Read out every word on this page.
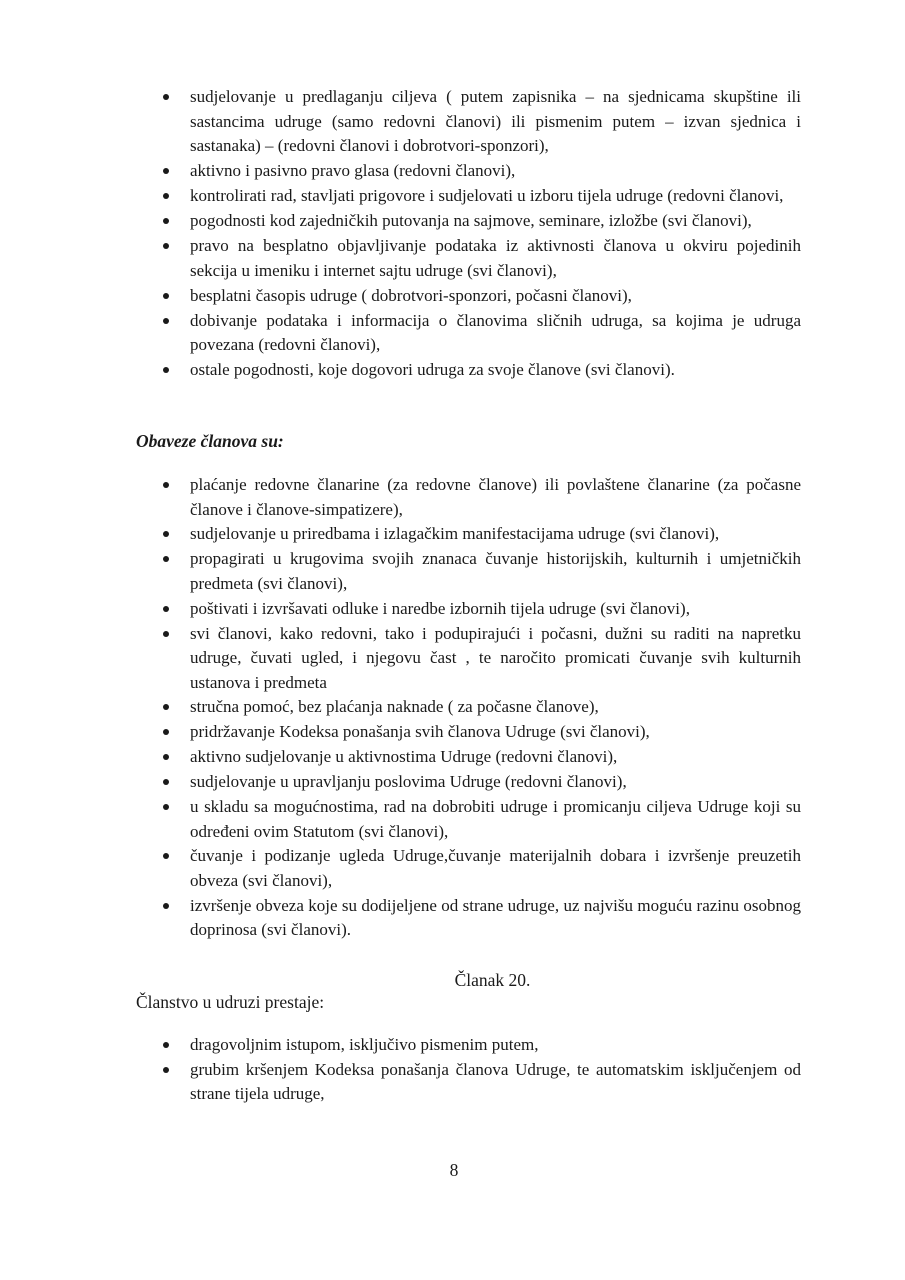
sudjelovanje u predlaganju ciljeva ( putem zapisnika – na sjednicama skupštine ili sastancima udruge (samo redovni članovi) ili pismenim putem – izvan sjednica i sastanaka) – (redovni članovi i dobrotvori-sponzori),
aktivno i pasivno pravo glasa (redovni članovi),
kontrolirati rad, stavljati prigovore i sudjelovati u izboru tijela udruge (redovni članovi,
pogodnosti kod zajedničkih putovanja na sajmove, seminare, izložbe (svi članovi),
pravo na besplatno objavljivanje podataka iz aktivnosti članova u okviru pojedinih sekcija u imeniku i internet sajtu udruge (svi članovi),
besplatni časopis udruge ( dobrotvori-sponzori, počasni članovi),
dobivanje podataka i informacija o članovima sličnih udruga, sa kojima je udruga povezana (redovni članovi),
ostale pogodnosti, koje dogovori udruga za svoje članove (svi članovi).
Obaveze članova su:
plaćanje redovne članarine (za redovne članove) ili povlaštene članarine (za počasne članove i članove-simpatizere),
sudjelovanje u priredbama i izlagačkim manifestacijama udruge (svi članovi),
propagirati u krugovima svojih znanaca čuvanje historijskih, kulturnih i umjetničkih predmeta (svi članovi),
poštivati i izvršavati odluke i naredbe izbornih tijela udruge (svi članovi),
svi članovi, kako redovni, tako i podupirajući i počasni, dužni su raditi na napretku udruge, čuvati ugled, i njegovu čast , te naročito promicati čuvanje svih kulturnih ustanova i predmeta
stručna pomoć, bez plaćanja naknade ( za počasne članove),
pridržavanje Kodeksa ponašanja svih članova Udruge (svi članovi),
aktivno sudjelovanje u aktivnostima Udruge (redovni članovi),
sudjelovanje u upravljanju poslovima Udruge (redovni članovi),
u skladu sa mogućnostima, rad na dobrobiti udruge i promicanju ciljeva Udruge koji su određeni ovim Statutom (svi članovi),
čuvanje i podizanje ugleda Udruge,čuvanje materijalnih dobara i izvršenje preuzetih obveza (svi članovi),
izvršenje obveza koje su dodijeljene od strane udruge, uz najvišu moguću razinu osobnog doprinosa (svi članovi).
Članak 20.
Članstvo u udruzi prestaje:
dragovoljnim istupom, isključivo pismenim putem,
grubim kršenjem Kodeksa ponašanja članova Udruge, te automatskim isključenjem od strane tijela udruge,
8
